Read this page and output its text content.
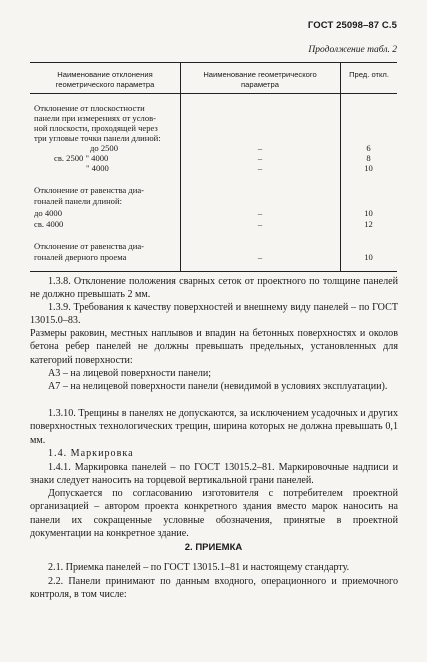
ГОСТ 25098–87 С.5
Продолжение табл. 2
Наименование отклонения геометрического параметра
Наименование геометрического параметра
Пред. откл.
Отклонение от плоскостности
панели при измерениях от услов-
ной плоскости, проходящей через
три угловые точки панели длиной:
до 2500	–	6
св. 2500 " 4000	–	8
" 4000	–	10
Отклонение от равенства диа-
гоналей панели длиной:
до 4000	–	10
св. 4000	–	12
Отклонение от равенства диа-
гоналей дверного проема	–	10
1.3.8. Отклонение положения сварных сеток от проектного по толщине панелей не должно превышать 2 мм.
1.3.9. Требования к качеству поверхностей и внешнему виду панелей – по ГОСТ 13015.0–83.
Размеры раковин, местных наплывов и впадин на бетонных поверхностях и околов бетона ребер панелей не должны превышать предельных, установленных для категорий поверхности:
А3 – на лицевой поверхности панели;
А7 – на нелицевой поверхности панели (невидимой в условиях эксплуатации).
1.3.10. Трещины в панелях не допускаются, за исключением усадочных и других поверхностных технологических трещин, ширина которых не должна превышать 0,1 мм.
1.4. Маркировка
1.4.1. Маркировка панелей – по ГОСТ 13015.2–81. Маркировочные надписи и знаки следует наносить на торцевой вертикальной грани панелей.
Допускается по согласованию изготовителя с потребителем проектной организацией – автором проекта конкретного здания вместо марок наносить на панели их сокращенные условные обозначения, принятые в проектной документации на конкретное здание.
2. ПРИЕМКА
2.1. Приемка панелей – по ГОСТ 13015.1–81 и настоящему стандарту.
2.2. Панели принимают по данным входного, операционного и приемочного контроля, в том числе:
